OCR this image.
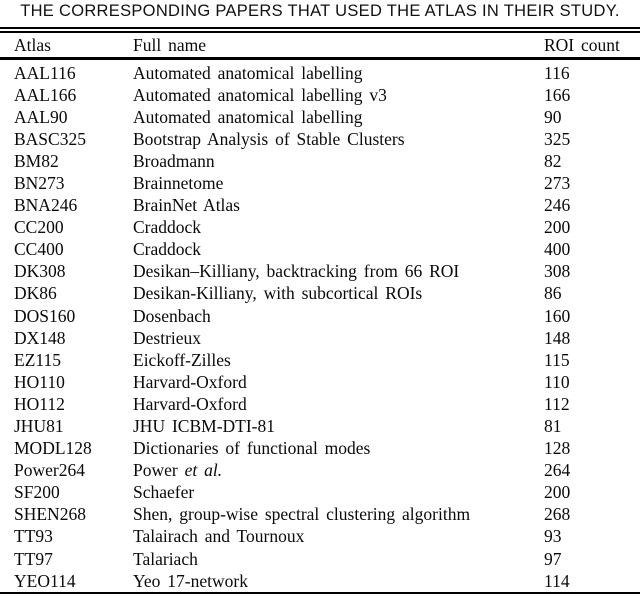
THE CORRESPONDING PAPERS THAT USED THE ATLAS IN THEIR STUDY.
Atlas	Full name	ROI count
AAL116	Automated anatomical labelling	116
AAL166	Automated anatomical labelling v3	166
AAL90	Automated anatomical labelling	90
BASC325	Bootstrap Analysis of Stable Clusters	325
BM82	Broadmann	82
BN273	Brainnetome	273
BNA246	BrainNet Atlas	246
CC200	Craddock	200
CC400	Craddock	400
DK308	Desikan–Killiany, backtracking from 66 ROI	308
DK86	Desikan-Killiany, with subcortical ROIs	86
DOS160	Dosenbach	160
DX148	Destrieux	148
EZ115	Eickoff-Zilles	115
HO110	Harvard-Oxford	110
HO112	Harvard-Oxford	112
JHU81	JHU ICBM-DTI-81	81
MODL128	Dictionaries of functional modes	128
Power264	Power et al.	264
SF200	Schaefer	200
SHEN268	Shen, group-wise spectral clustering algorithm	268
TT93	Talairach and Tournoux	93
TT97	Talariach	97
YEO114	Yeo 17-network	114
